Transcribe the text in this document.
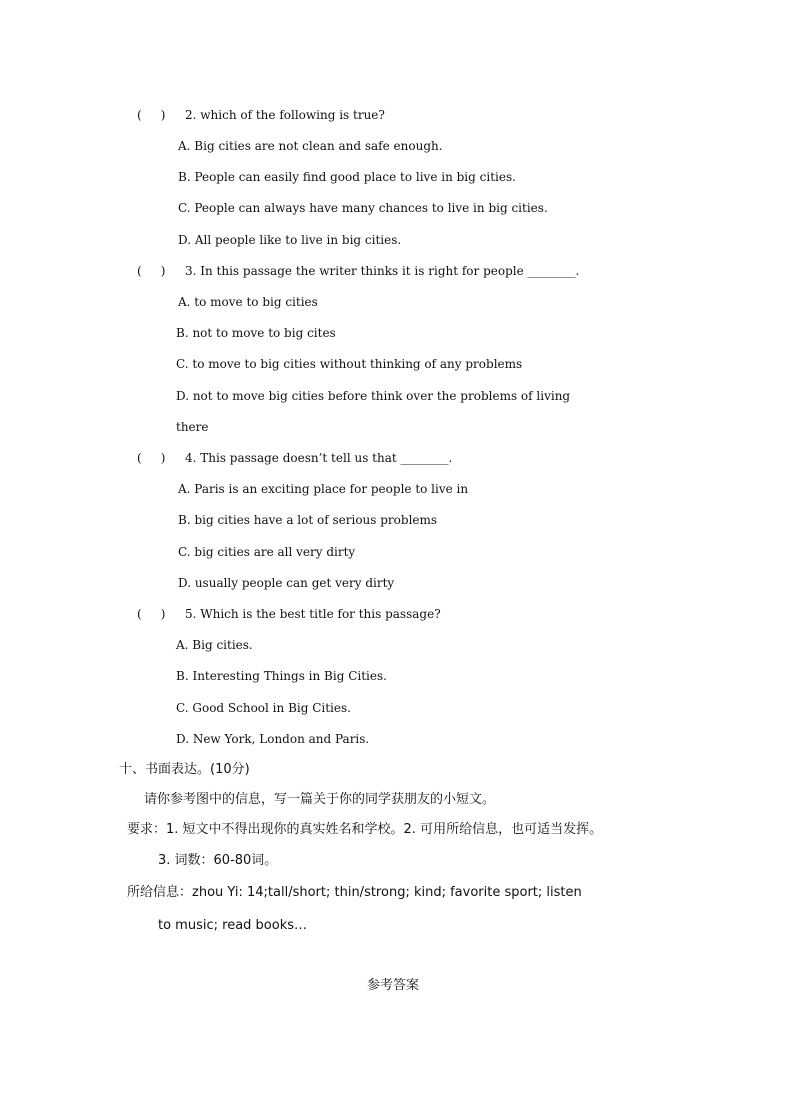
(     ) 2. which of the following is true?
A. Big cities are not clean and safe enough.
B. People can easily find good place to live in big cities.
C. People can always have many chances to live in big cities.
D. All people like to live in big cities.
(     ) 3. In this passage the writer thinks it is right for people ________.
A. to move to big cities
B. not to move to big cites
C. to move to big cities without thinking of any problems
D. not to move big cities before think over the problems of living
there
(     ) 4. This passage doesn’t tell us that ________.
A. Paris is an exciting place for people to live in
B. big cities have a lot of serious problems
C. big cities are all very dirty
D. usually people can get very dirty
(     ) 5. Which is the best title for this passage?
A. Big cities.
B. Interesting Things in Big Cities.
C. Good School in Big Cities.
D. New York, London and Paris.
十、书面表达。(10分)
请你参考图中的信息，写一篇关于你的同学获朋友的小短文。
要求：1. 短文中不得出现你的真实姓名和学校。2. 可用所给信息，也可适当发挥。
3. 词数：60-80词。
所给信息：zhou Yi: 14;tall/short; thin/strong; kind; favorite sport; listen
to music; read books…
参考答案
